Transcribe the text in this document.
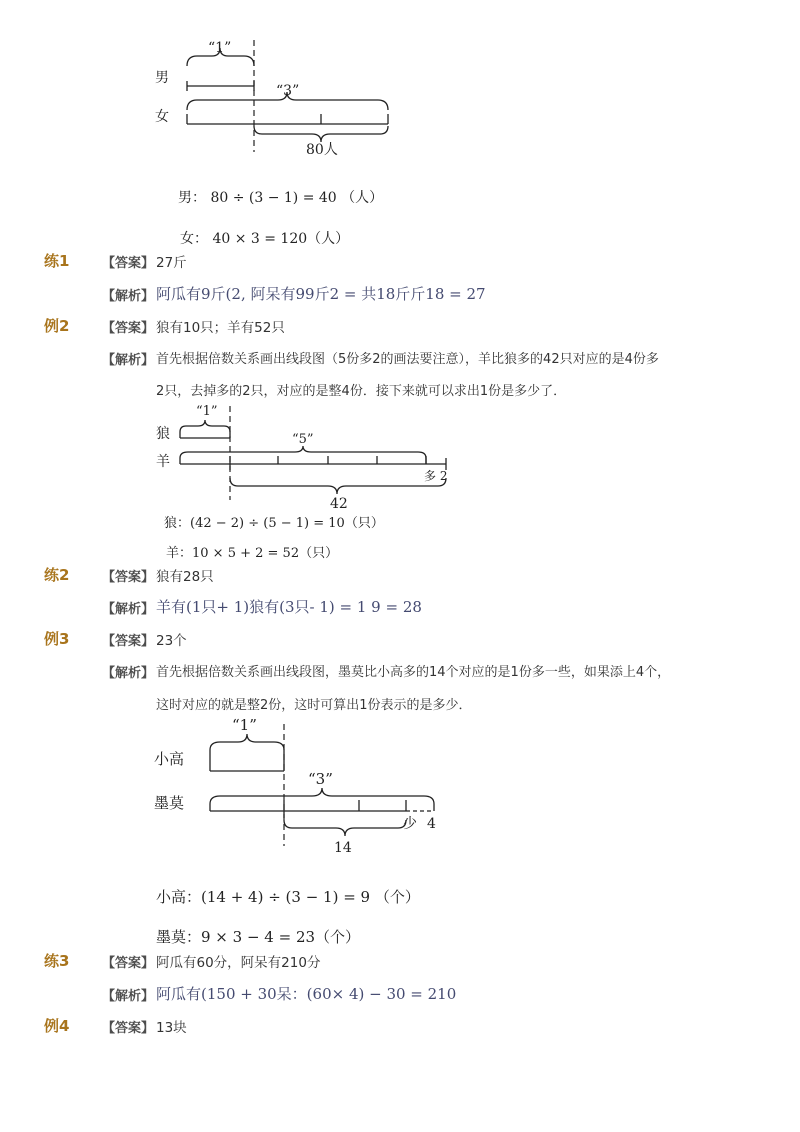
“1”
“3”
男
女
80人
男： 80 ÷ (3 − 1) = 40 （人）
女： 40 × 3 = 120（人）
练1	【答案】 27斤
【解析】 阿瓜有9斤(2, 阿呆有99斤2 = 共18斤斤18 = 27
例2	【答案】 狼有10只；羊有52只
【解析】 首先根据倍数关系画出线段图（5份多2的画法要注意），羊比狼多的42只对应的是4份多
2只，去掉多的2只，对应的是整4份．接下来就可以求出1份是多少了．
“1”
“5”
狼
羊
多 2
42
狼：(42 − 2) ÷ (5 − 1) = 10（只）
羊：10 × 5 + 2 = 52（只）
练2	【答案】 狼有28只
【解析】 羊有(1只+ 1)狼有(3只- 1) = 1 9 = 28
例3	【答案】 23个
【解析】 首先根据倍数关系画出线段图，墨莫比小高多的14个对应的是1份多一些，如果添上4个，
这时对应的就是整2份，这时可算出1份表示的是多少．
“1”
“3”
小高
墨莫
少 4
14
小高：(14 + 4) ÷ (3 − 1) = 9 （个）
墨莫：9 × 3 − 4 = 23（个）
练3	【答案】 阿瓜有60分，阿呆有210分
【解析】 阿瓜有(150 + 30呆：(60× 4) − 30 = 210
例4	【答案】 13块
